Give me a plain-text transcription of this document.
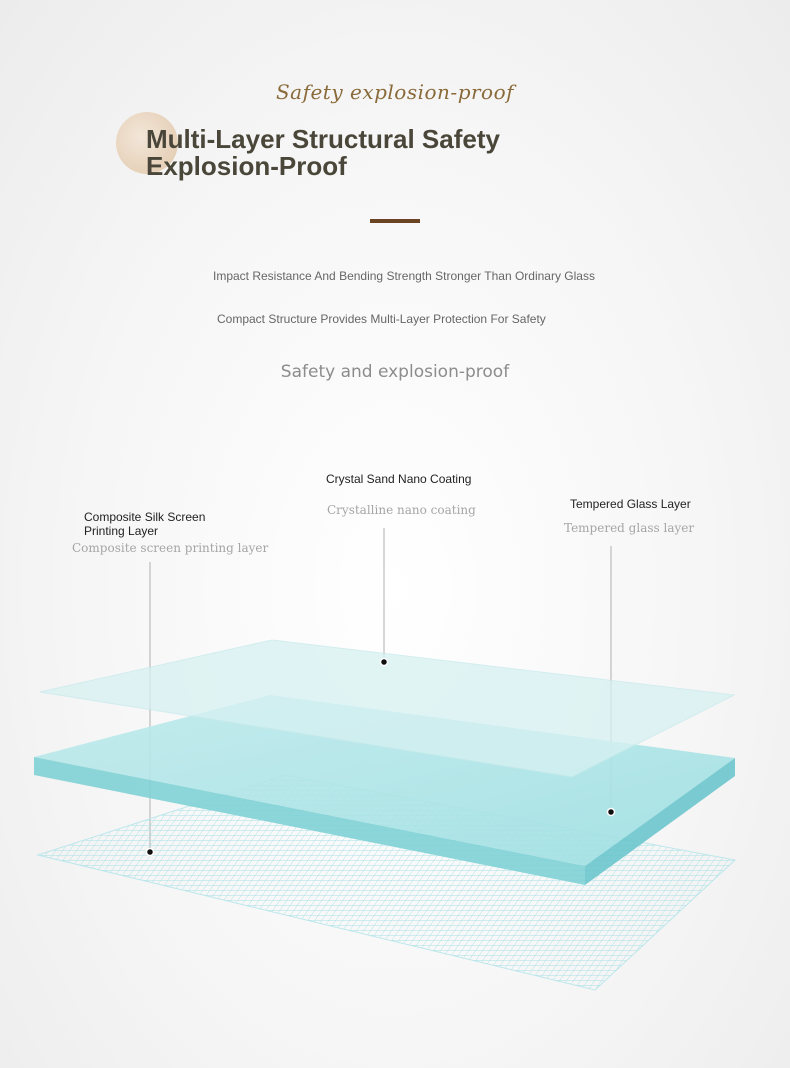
Safety explosion-proof
Multi-Layer Structural Safety
Explosion-Proof
Impact Resistance And Bending Strength Stronger Than Ordinary Glass
Compact Structure Provides Multi-Layer Protection For Safety
Safety and explosion-proof
Composite Silk Screen Printing Layer
Composite screen printing layer
Crystal Sand Nano Coating
Crystalline nano coating	Tempered Glass Layer
Tempered glass layer
